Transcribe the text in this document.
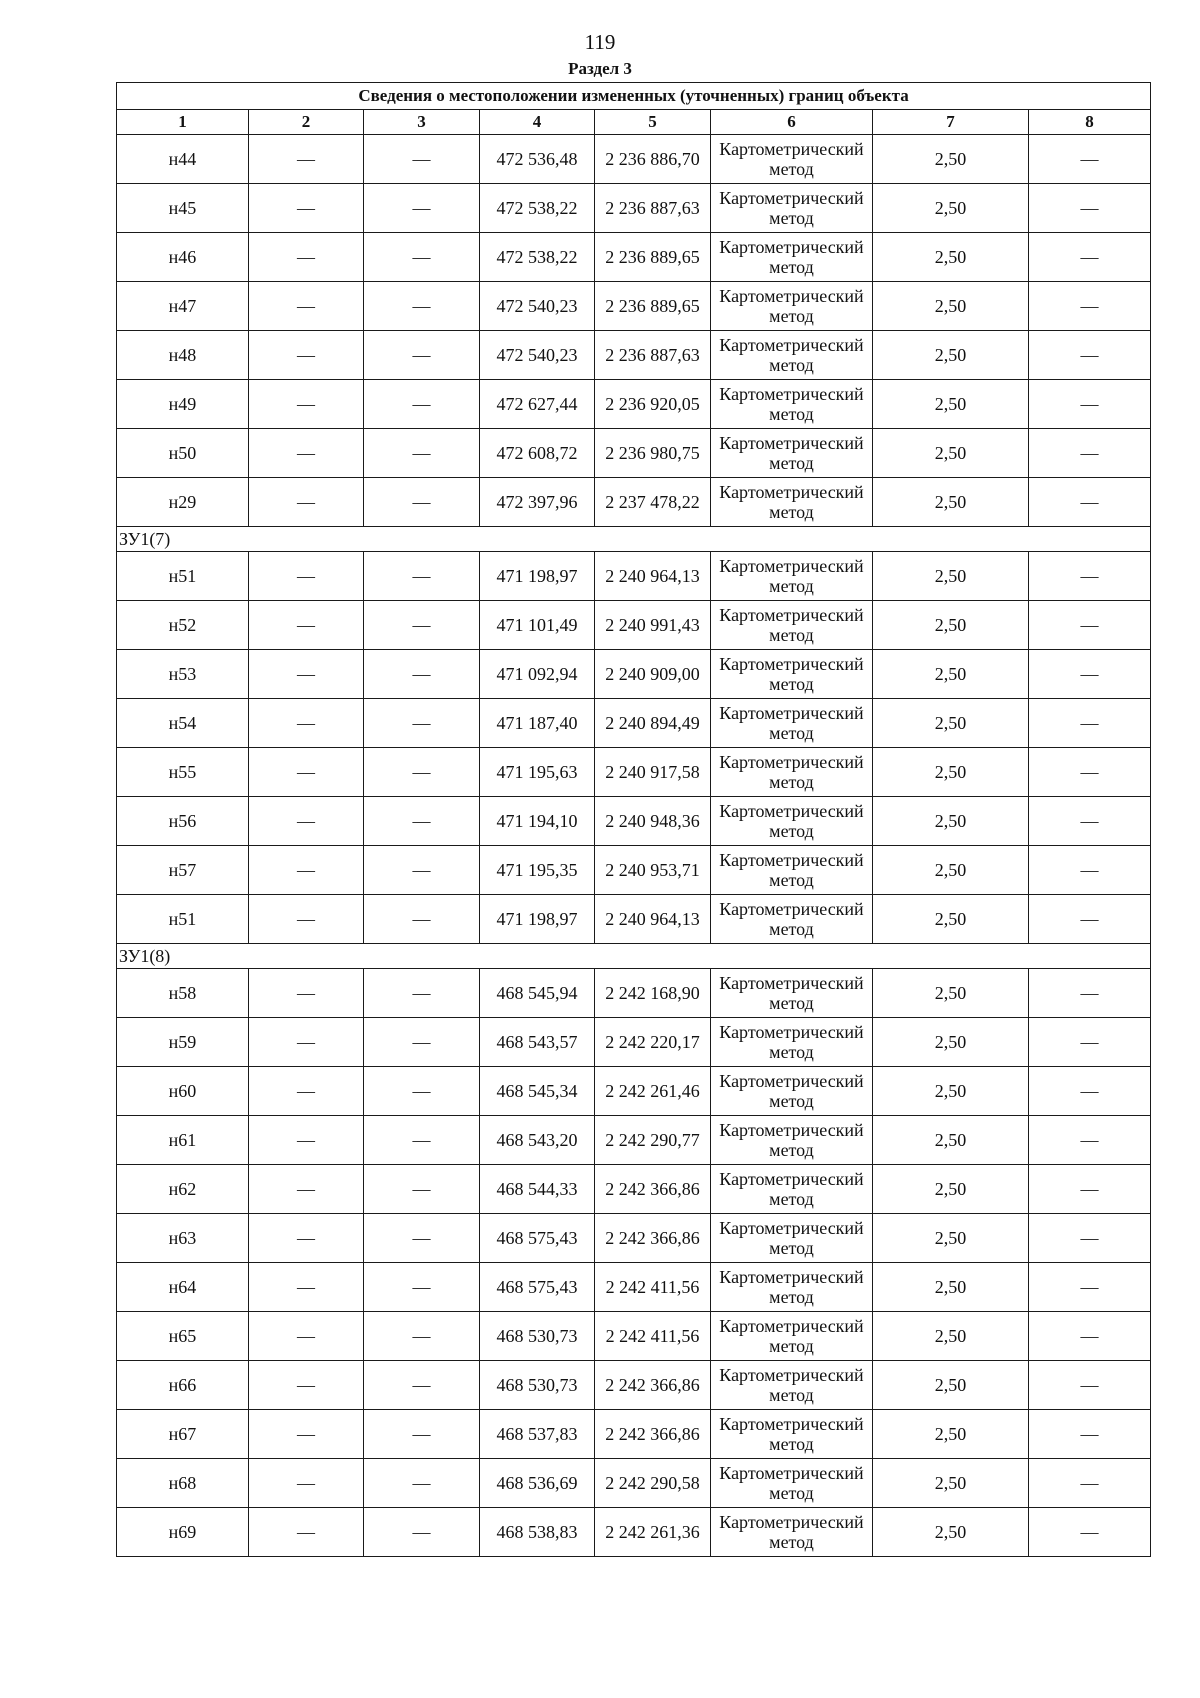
119
Раздел 3
Сведения о местоположении измененных (уточненных) границ объекта							
1	2	3	4	5	6	7	8
н44	—	—	472 536,48	2 236 886,70	Картометрический метод	2,50	—
н45	—	—	472 538,22	2 236 887,63	Картометрический метод	2,50	—
н46	—	—	472 538,22	2 236 889,65	Картометрический метод	2,50	—
н47	—	—	472 540,23	2 236 889,65	Картометрический метод	2,50	—
н48	—	—	472 540,23	2 236 887,63	Картометрический метод	2,50	—
н49	—	—	472 627,44	2 236 920,05	Картометрический метод	2,50	—
н50	—	—	472 608,72	2 236 980,75	Картометрический метод	2,50	—
н29	—	—	472 397,96	2 237 478,22	Картометрический метод	2,50	—
ЗУ1(7)							
н51	—	—	471 198,97	2 240 964,13	Картометрический метод	2,50	—
н52	—	—	471 101,49	2 240 991,43	Картометрический метод	2,50	—
н53	—	—	471 092,94	2 240 909,00	Картометрический метод	2,50	—
н54	—	—	471 187,40	2 240 894,49	Картометрический метод	2,50	—
н55	—	—	471 195,63	2 240 917,58	Картометрический метод	2,50	—
н56	—	—	471 194,10	2 240 948,36	Картометрический метод	2,50	—
н57	—	—	471 195,35	2 240 953,71	Картометрический метод	2,50	—
н51	—	—	471 198,97	2 240 964,13	Картометрический метод	2,50	—
ЗУ1(8)							
н58	—	—	468 545,94	2 242 168,90	Картометрический метод	2,50	—
н59	—	—	468 543,57	2 242 220,17	Картометрический метод	2,50	—
н60	—	—	468 545,34	2 242 261,46	Картометрический метод	2,50	—
н61	—	—	468 543,20	2 242 290,77	Картометрический метод	2,50	—
н62	—	—	468 544,33	2 242 366,86	Картометрический метод	2,50	—
н63	—	—	468 575,43	2 242 366,86	Картометрический метод	2,50	—
н64	—	—	468 575,43	2 242 411,56	Картометрический метод	2,50	—
н65	—	—	468 530,73	2 242 411,56	Картометрический метод	2,50	—
н66	—	—	468 530,73	2 242 366,86	Картометрический метод	2,50	—
н67	—	—	468 537,83	2 242 366,86	Картометрический метод	2,50	—
н68	—	—	468 536,69	2 242 290,58	Картометрический метод	2,50	—
н69	—	—	468 538,83	2 242 261,36	Картометрический метод	2,50	—
